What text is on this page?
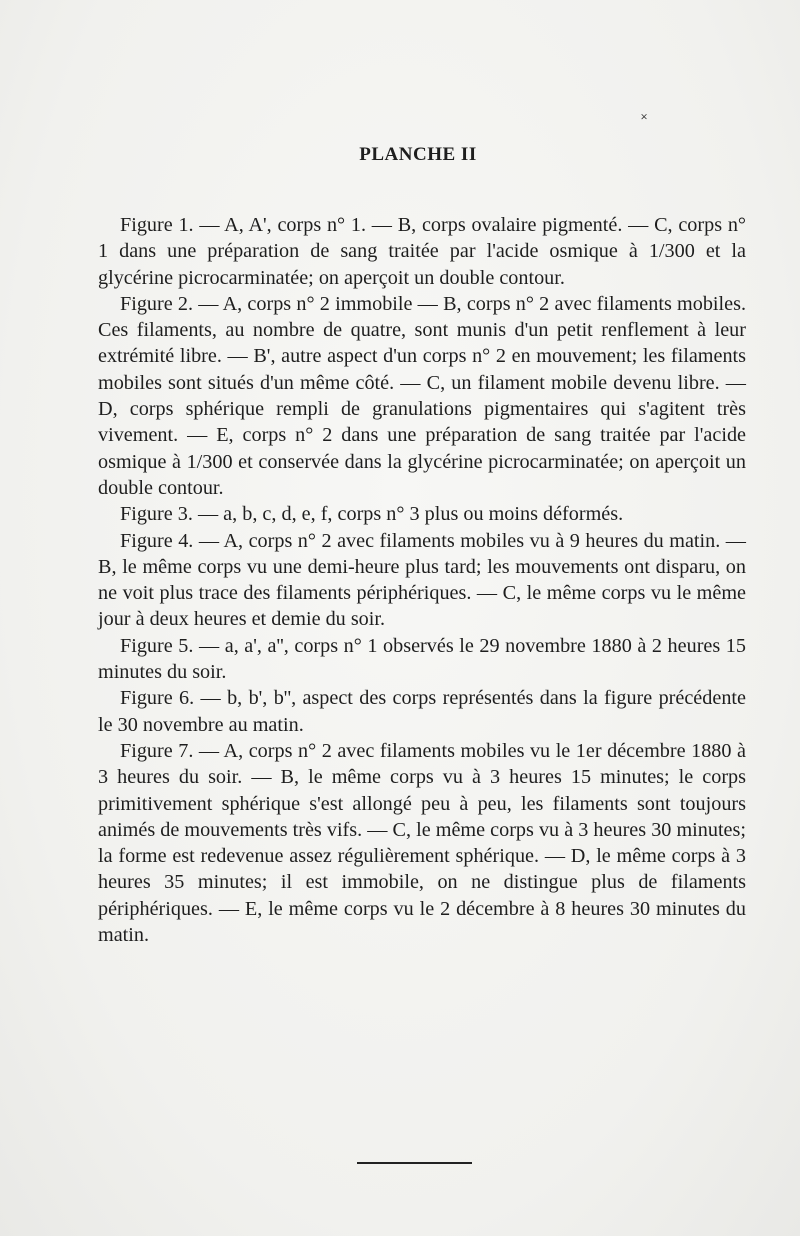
˟
PLANCHE II

Figure 1. — A, A', corps n° 1. — B, corps ovalaire pigmenté. — C, corps n° 1 dans une préparation de sang traitée par l'acide osmique à 1/300 et la glycérine picrocarminatée; on aperçoit un double contour.

Figure 2. — A, corps n° 2 immobile — B, corps n° 2 avec filaments mobiles. Ces filaments, au nombre de quatre, sont munis d'un petit renflement à leur extrémité libre. — B', autre aspect d'un corps n° 2 en mouvement; les filaments mobiles sont situés d'un même côté. — C, un filament mobile devenu libre. — D, corps sphérique rempli de granulations pigmentaires qui s'agitent très vivement. — E, corps n° 2 dans une préparation de sang traitée par l'acide osmique à 1/300 et conservée dans la glycérine picrocarminatée; on aperçoit un double contour.

Figure 3. — a, b, c, d, e, f, corps n° 3 plus ou moins déformés.

Figure 4. — A, corps n° 2 avec filaments mobiles vu à 9 heures du matin. — B, le même corps vu une demi-heure plus tard; les mouvements ont disparu, on ne voit plus trace des filaments périphériques. — C, le même corps vu le même jour à deux heures et demie du soir.

Figure 5. — a, a', a'', corps n° 1 observés le 29 novembre 1880 à 2 heures 15 minutes du soir.

Figure 6. — b, b', b'', aspect des corps représentés dans la figure précédente le 30 novembre au matin.

Figure 7. — A, corps n° 2 avec filaments mobiles vu le 1er décembre 1880 à 3 heures du soir. — B, le même corps vu à 3 heures 15 minutes; le corps primitivement sphérique s'est allongé peu à peu, les filaments sont toujours animés de mouvements très vifs. — C, le même corps vu à 3 heures 30 minutes; la forme est redevenue assez régulièrement sphérique. — D, le même corps à 3 heures 35 minutes; il est immobile, on ne distingue plus de filaments périphériques. — E, le même corps vu le 2 décembre à 8 heures 30 minutes du matin.
